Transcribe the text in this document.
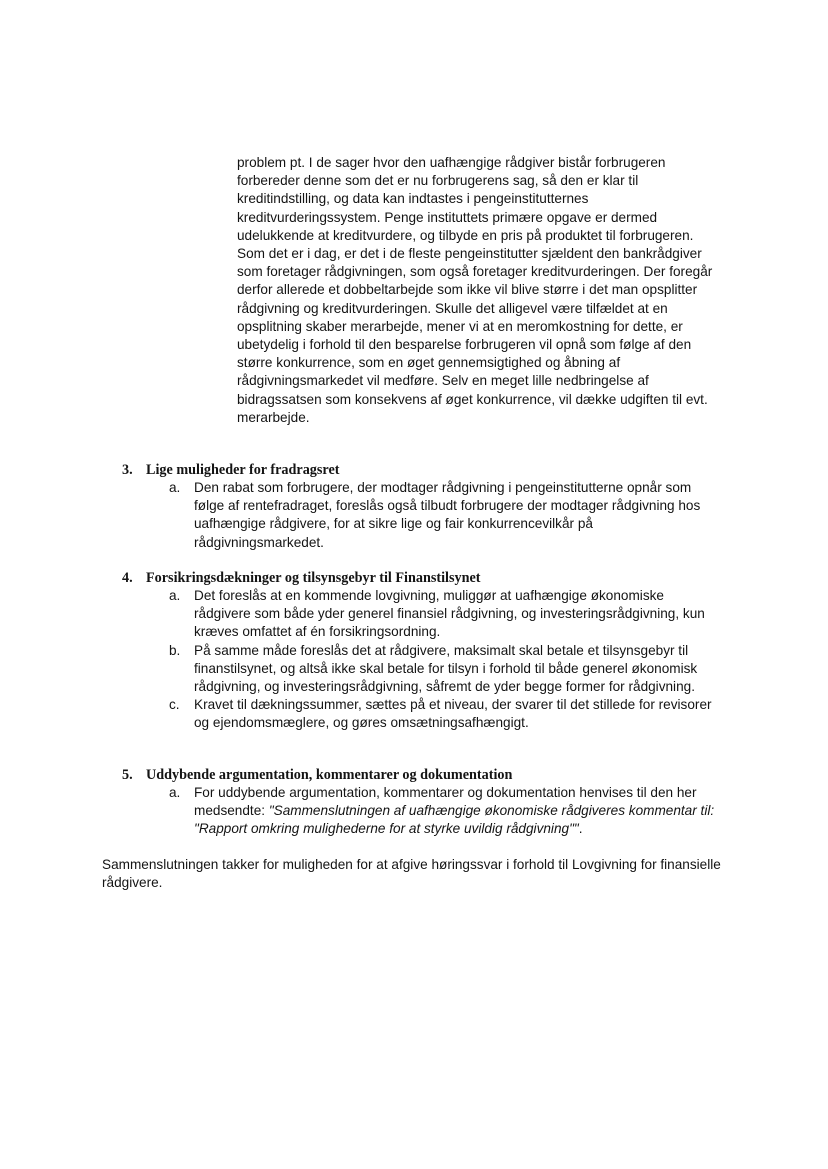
problem pt. I de sager hvor den uafhængige rådgiver bistår forbrugeren forbereder denne som det er nu forbrugerens sag, så den er klar til kreditindstilling, og data kan indtastes i pengeinstitutternes kreditvurderingssystem. Penge instituttets primære opgave er dermed udelukkende at kreditvurdere, og tilbyde en pris på produktet til forbrugeren. Som det er i dag, er det i de fleste pengeinstitutter sjældent den bankrådgiver som foretager rådgivningen, som også foretager kreditvurderingen. Der foregår derfor allerede et dobbeltarbejde som ikke vil blive større i det man opsplitter rådgivning og kreditvurderingen. Skulle det alligevel være tilfældet at en opsplitning skaber merarbejde, mener vi at en meromkostning for dette, er ubetydelig i forhold til den besparelse forbrugeren vil opnå som følge af den større konkurrence, som en øget gennemsigtighed og åbning af rådgivningsmarkedet vil medføre. Selv en meget lille nedbringelse af bidragssatsen som konsekvens af øget konkurrence, vil dække udgiften til evt. merarbejde.

3. Lige muligheder for fradragsret
a. Den rabat som forbrugere, der modtager rådgivning i pengeinstitutterne opnår som følge af rentefradraget, foreslås også tilbudt forbrugere der modtager rådgivning hos uafhængige rådgivere, for at sikre lige og fair konkurrencevilkår på rådgivningsmarkedet.
4. Forsikringsdækninger og tilsynsgebyr til Finanstilsynet
a. Det foreslås at en kommende lovgivning, muliggør at uafhængige økonomiske rådgivere som både yder generel finansiel rådgivning, og investeringsrådgivning, kun kræves omfattet af én forsikringsordning.
b. På samme måde foreslås det at rådgivere, maksimalt skal betale et tilsynsgebyr til finanstilsynet, og altså ikke skal betale for tilsyn i forhold til både generel økonomisk rådgivning, og investeringsrådgivning, såfremt de yder begge former for rådgivning.
c. Kravet til dækningssummer, sættes på et niveau, der svarer til det stillede for revisorer og ejendomsmæglere, og gøres omsætningsafhængigt.
5. Uddybende argumentation, kommentarer og dokumentation
a. For uddybende argumentation, kommentarer og dokumentation henvises til den her medsendte: "Sammenslutningen af uafhængige økonomiske rådgiveres kommentar til: "Rapport omkring mulighederne for at styrke uvildig rådgivning"".

Sammenslutningen takker for muligheden for at afgive høringssvar i forhold til Lovgivning for finansielle rådgivere.
